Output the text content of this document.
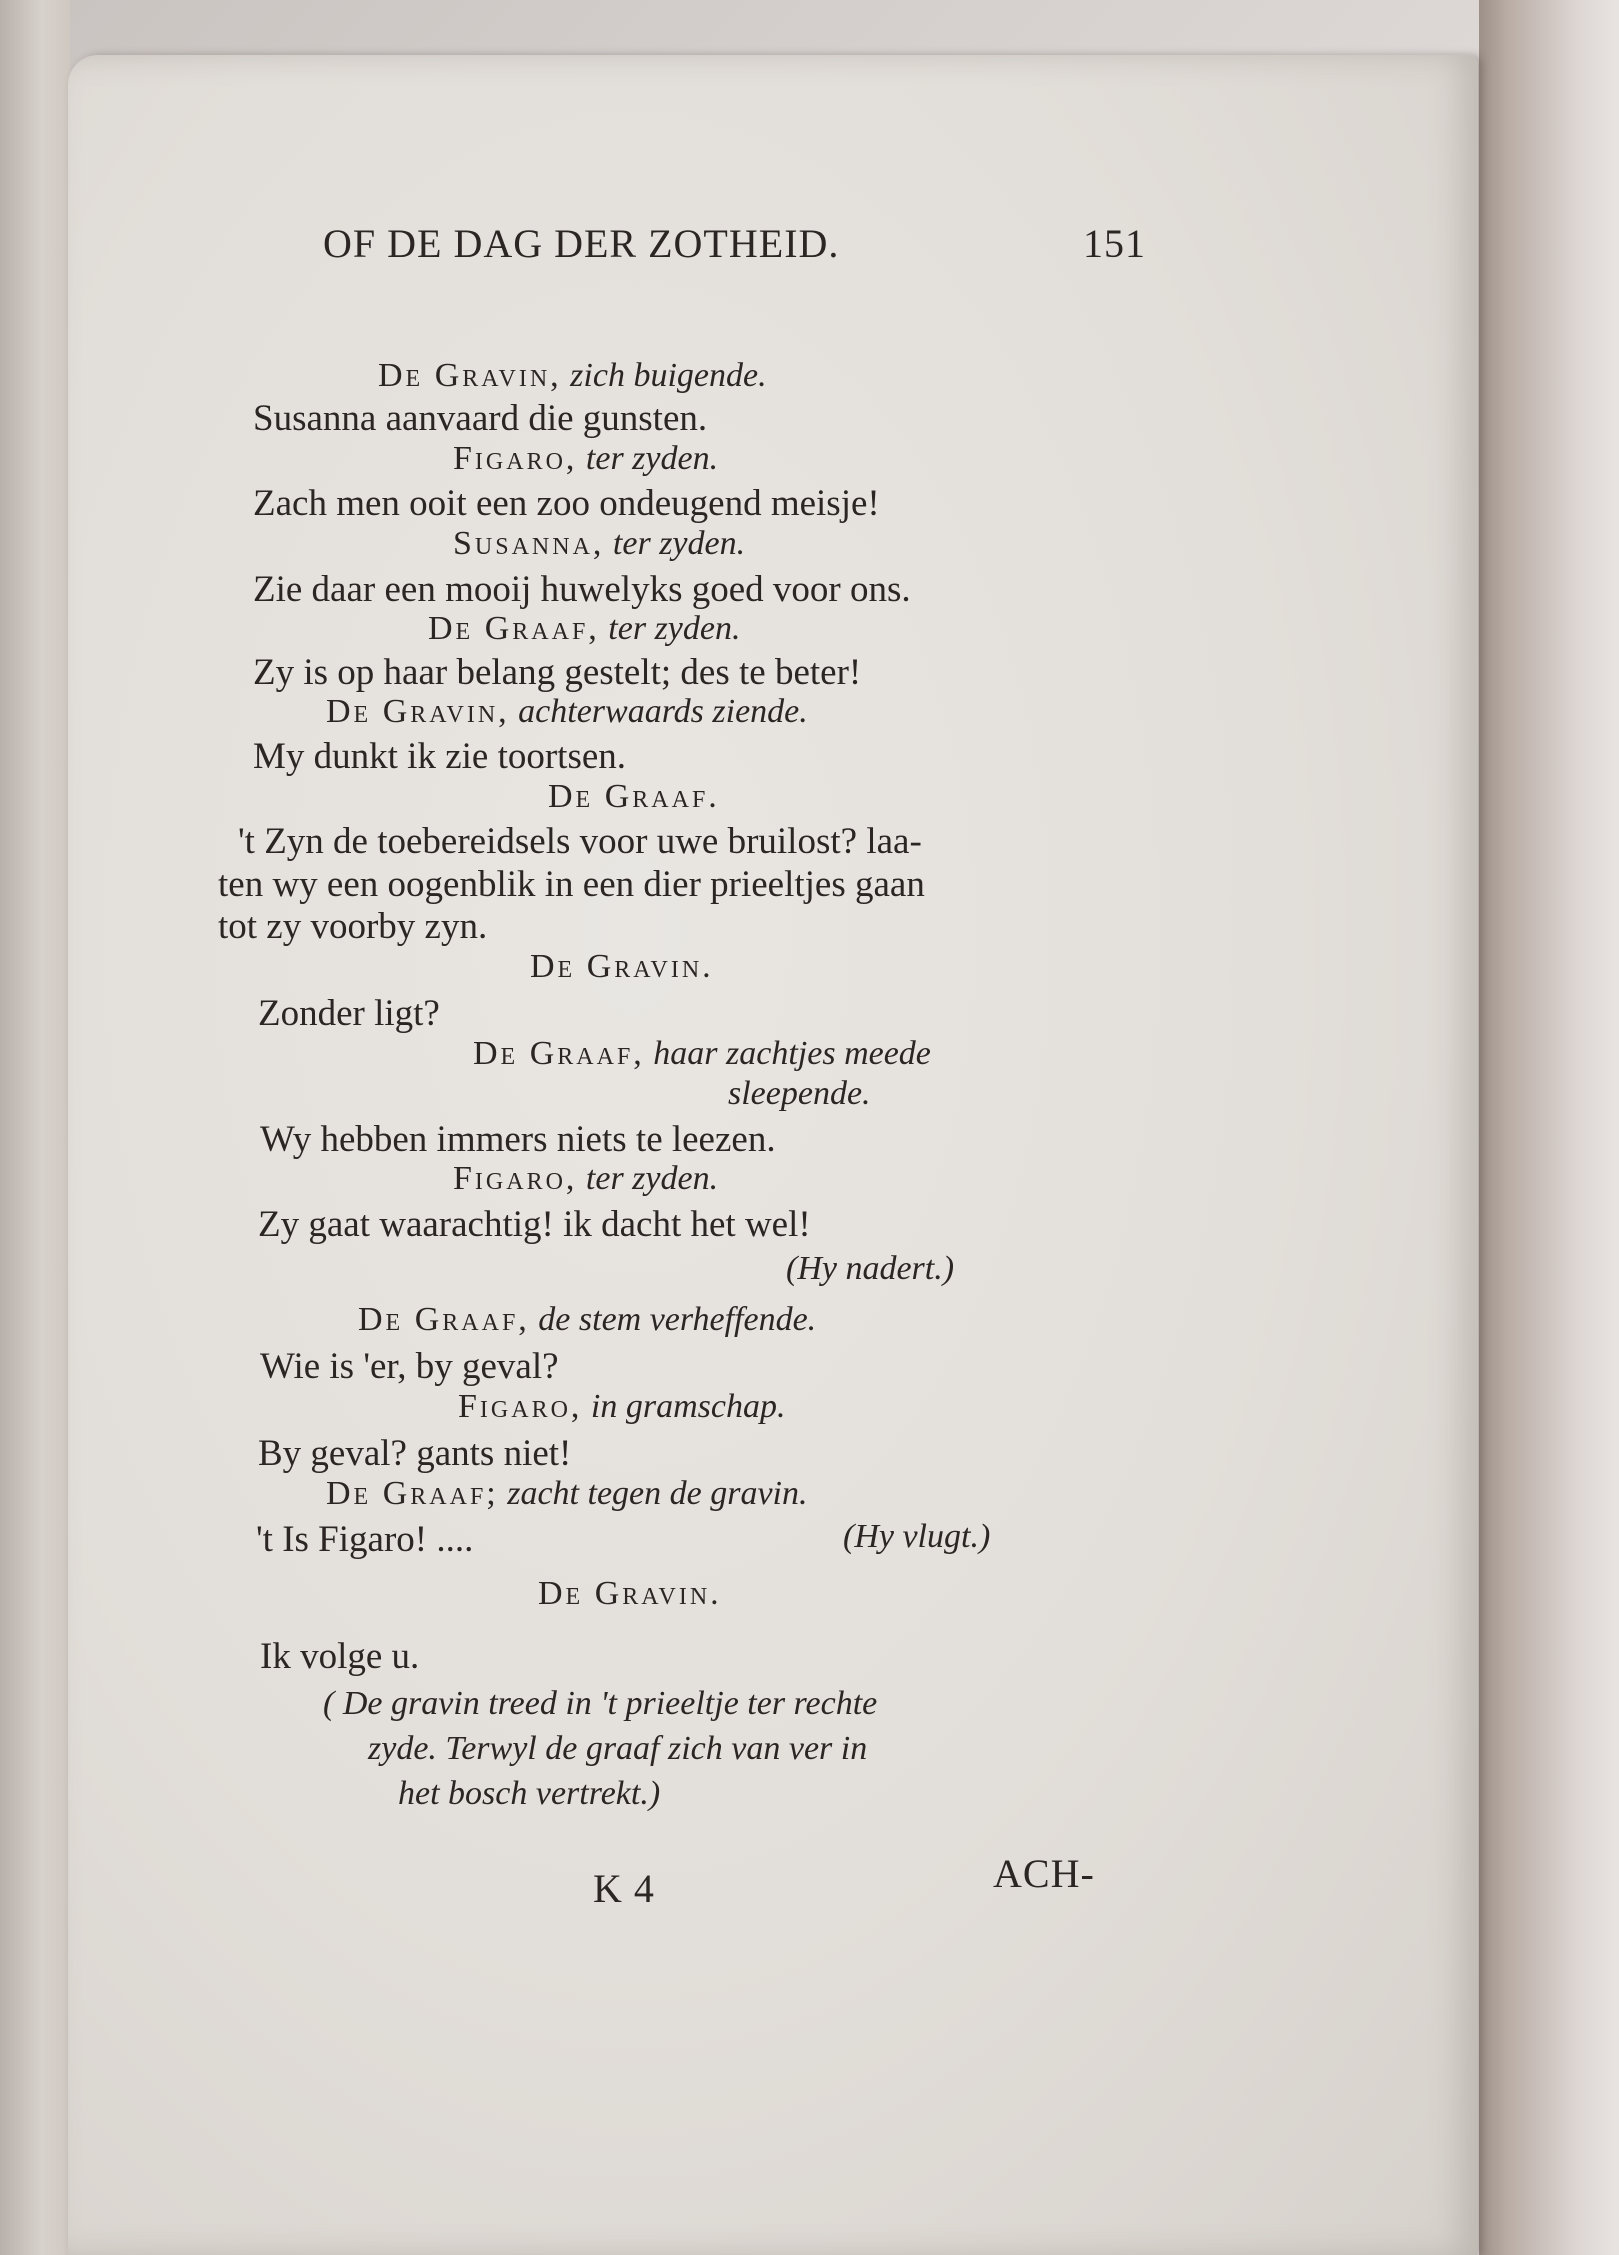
OF DE DAG DER ZOTHEID.	151
De Gravin, zich buigende.
Susanna aanvaard die gunsten.
Figaro, ter zyden.
Zach men ooit een zoo ondeugend meisje!
Susanna, ter zyden.
Zie daar een mooij huwelyks goed voor ons.
De Graaf, ter zyden.
Zy is op haar belang gestelt; des te beter!
De Gravin, achterwaards ziende.
My dunkt ik zie toortsen.
De Graaf.
't Zyn de toebereidsels voor uwe bruilost? laa-
ten wy een oogenblik in een dier prieeltjes gaan
tot zy voorby zyn.
De Gravin.
Zonder ligt?
De Graaf, haar zachtjes meede
sleepende.
Wy hebben immers niets te leezen.
Figaro, ter zyden.
Zy gaat waarachtig! ik dacht het wel!
(Hy nadert.)
De Graaf, de stem verheffende.
Wie is 'er, by geval?
Figaro, in gramschap.
By geval? gants niet!
De Graaf; zacht tegen de gravin.
't Is Figaro! ....	(Hy vlugt.)
De Gravin.
Ik volge u.
( De gravin treed in 't prieeltje ter rechte
zyde. Terwyl de graaf zich van ver in
het bosch vertrekt.)
K 4	ACH-
